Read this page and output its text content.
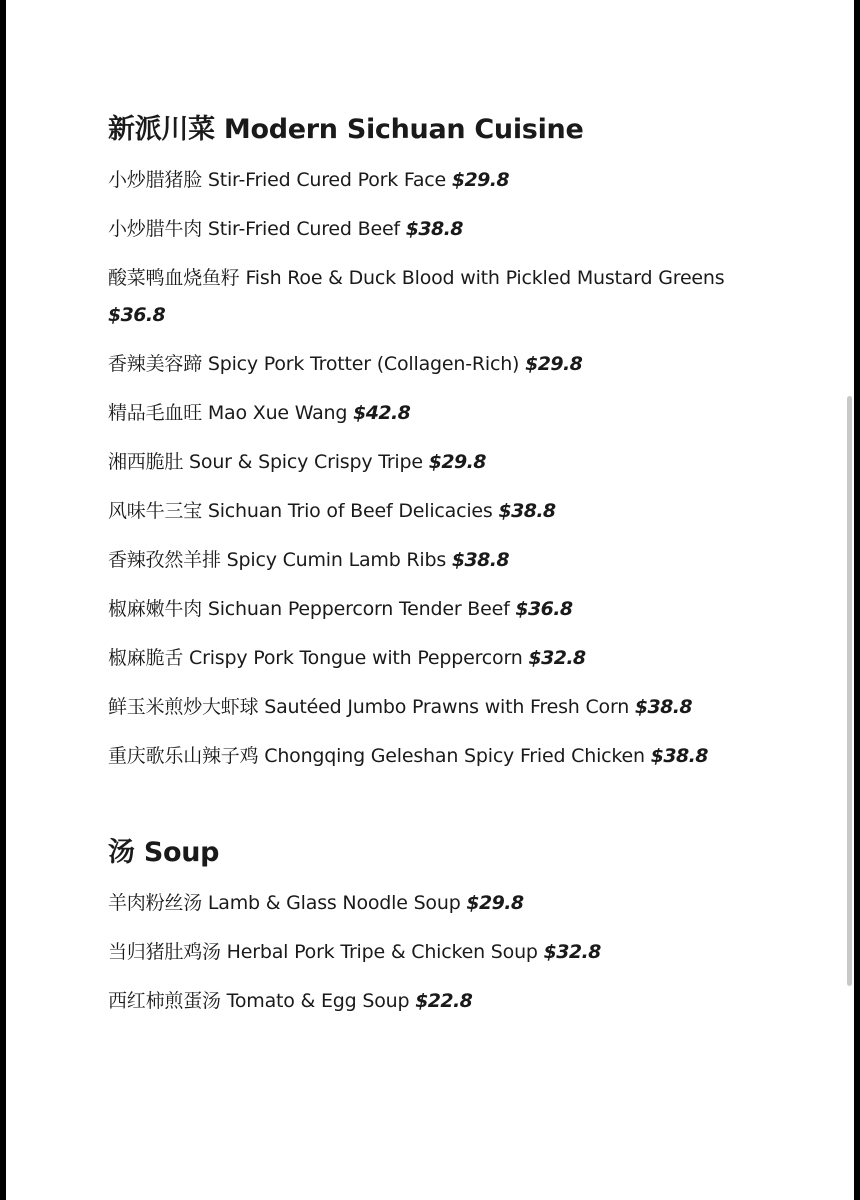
新派川菜 Modern Sichuan Cuisine
小炒腊猪脸 Stir-Fried Cured Pork Face $29.8
小炒腊牛肉 Stir-Fried Cured Beef $38.8
酸菜鸭血烧鱼籽 Fish Roe & Duck Blood with Pickled Mustard Greens $36.8
香辣美容蹄 Spicy Pork Trotter (Collagen-Rich) $29.8
精品毛血旺 Mao Xue Wang $42.8
湘西脆肚 Sour & Spicy Crispy Tripe $29.8
风味牛三宝 Sichuan Trio of Beef Delicacies $38.8
香辣孜然羊排 Spicy Cumin Lamb Ribs $38.8
椒麻嫩牛肉 Sichuan Peppercorn Tender Beef $36.8
椒麻脆舌 Crispy Pork Tongue with Peppercorn $32.8
鲜玉米煎炒大虾球 Sautéed Jumbo Prawns with Fresh Corn $38.8
重庆歌乐山辣子鸡 Chongqing Geleshan Spicy Fried Chicken $38.8
汤 Soup
羊肉粉丝汤 Lamb & Glass Noodle Soup $29.8
当归猪肚鸡汤 Herbal Pork Tripe & Chicken Soup $32.8
西红柿煎蛋汤 Tomato & Egg Soup $22.8
